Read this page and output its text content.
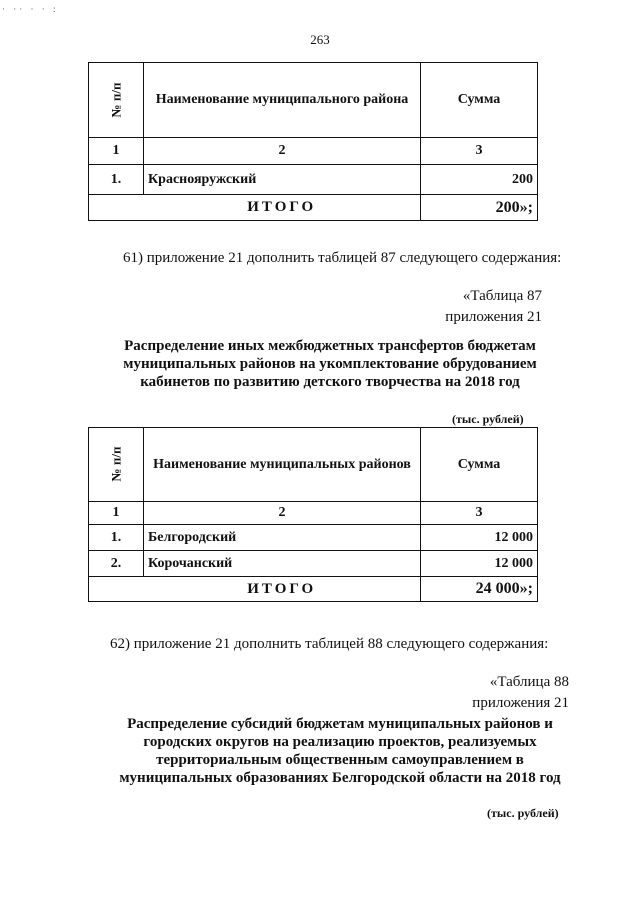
· ·· · · :
263
№ п/п	Наименование муниципального района	Сумма
1	2	3
1.	Краснояружский	200
	ИТОГО	200»;
61) приложение 21 дополнить таблицей 87 следующего содержания:
«Таблица 87
приложения 21
Распределение иных межбюджетных трансфертов бюджетам
муниципальных районов на укомплектование обрудованием
кабинетов по развитию детского творчества на 2018 год
(тыс. рублей)
№ п/п	Наименование муниципальных районов	Сумма
1	2	3
1.	Белгородский	12 000
2.	Корочанский	12 000
	ИТОГО	24 000»;
62) приложение 21 дополнить таблицей 88 следующего содержания:
«Таблица 88
приложения 21
Распределение субсидий бюджетам муниципальных районов и
городских округов на реализацию проектов, реализуемых
территориальным общественным самоуправлением в
муниципальных образованиях Белгородской области на 2018 год
(тыс. рублей)
